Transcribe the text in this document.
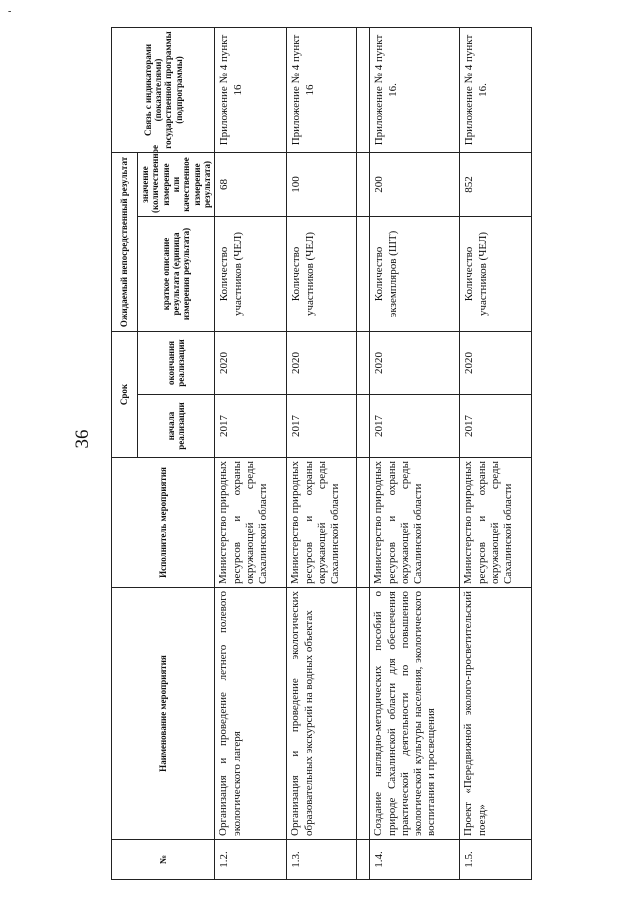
-
36
№	Наименование мероприятия	Исполнитель мероприятия	Срок		Ожидаемый непосредственный результат		Связь с индикаторами (показателями) государственной программы (подпрограммы)
			начала реализации	окончания реализации	краткое описание результата (единица измерения результата)	значение (количественное измерение или качественное измерение результата)	
1.2.	Организация и проведение летнего полевого экологического лагеря	Министерство природных ресурсов и охраны окружающей среды Сахалинской области	2017	2020	Количество участников (ЧЕЛ)	68	Приложение № 4 пункт 16
1.3.	Организация и проведение экологических образовательных экскурсий на водных объектах	Министерство природных ресурсов и охраны окружающей среды Сахалинской области	2017	2020	Количество участников (ЧЕЛ)	100	Приложение № 4 пункт 16

1.4.	Создание наглядно-методических пособий о природе Сахалинской области для обеспечения практической деятельности по повышению экологической культуры населения, экологического воспитания и просвещения	Министерство природных ресурсов и охраны окружающей среды Сахалинской области	2017	2020	Количество экземпляров (ШТ)	200	Приложение № 4 пункт 16.
1.5.	Проект «Передвижной эколого-просветительский поезд»	Министерство природных ресурсов и охраны окружающей среды Сахалинской области	2017	2020	Количество участников (ЧЕЛ)	852	Приложение № 4 пункт 16.
